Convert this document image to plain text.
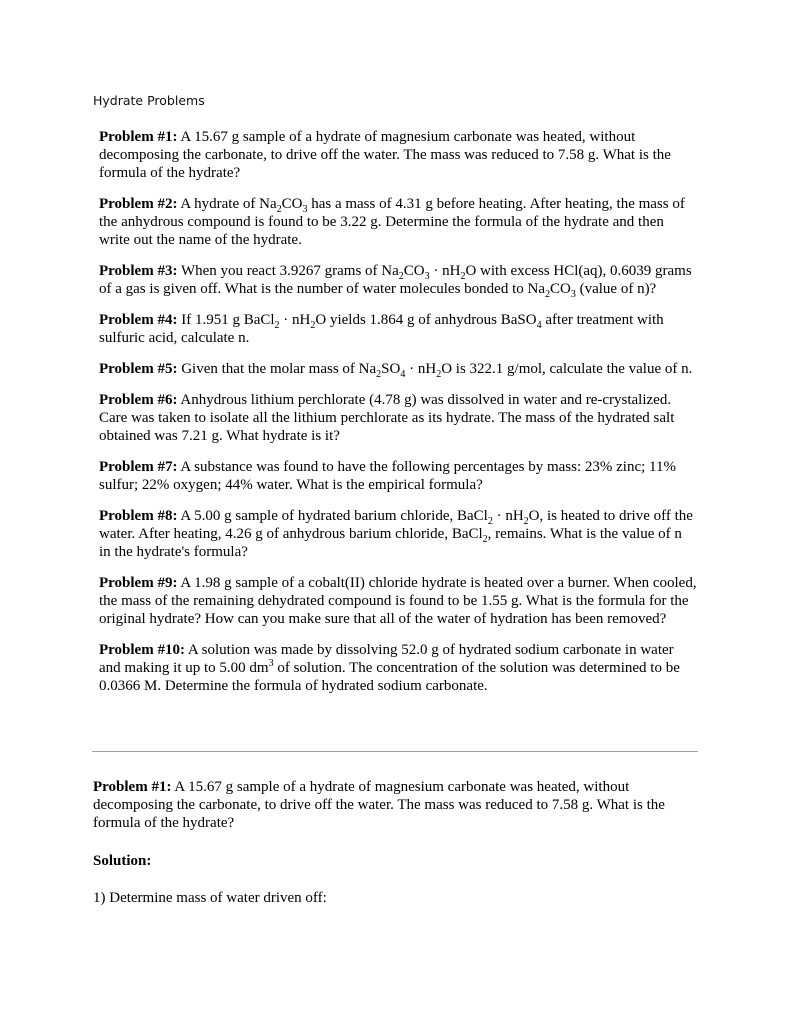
Hydrate Problems

Problem #1: A 15.67 g sample of a hydrate of magnesium carbonate was heated, without decomposing the carbonate, to drive off the water. The mass was reduced to 7.58 g. What is the formula of the hydrate?

Problem #2: A hydrate of $Na_2CO_3$ has a mass of 4.31 g before heating. After heating, the mass of the anhydrous compound is found to be 3.22 g. Determine the formula of the hydrate and then write out the name of the hydrate.

Problem #3: When you react 3.9267 grams of $Na_2CO_3 \cdot nH_2O$ with excess HCl(aq), 0.6039 grams of a gas is given off. What is the number of water molecules bonded to $Na_2CO_3$ (value of n)?

Problem #4: If 1.951 g BaCl$_2$ · $nH_2O$ yields 1.864 g of anhydrous BaSO$_4$ after treatment with sulfuric acid, calculate n.

Problem #5: Given that the molar mass of $Na_2SO_4 \cdot nH_2O$ is 322.1 g/mol, calculate the value of n.

Problem #6: Anhydrous lithium perchlorate (4.78 g) was dissolved in water and re-crystalized. Care was taken to isolate all the lithium perchlorate as its hydrate. The mass of the hydrated salt obtained was 7.21 g. What hydrate is it?

Problem #7: A substance was found to have the following percentages by mass: 23% zinc; 11% sulfur; 22% oxygen; 44% water. What is the empirical formula?

Problem #8: A 5.00 g sample of hydrated barium chloride, BaCl$_2$ · $nH_2O$, is heated to drive off the water. After heating, 4.26 g of anhydrous barium chloride, BaCl$_2$, remains. What is the value of n in the hydrate's formula?

Problem #9: A 1.98 g sample of a cobalt(II) chloride hydrate is heated over a burner. When cooled, the mass of the remaining dehydrated compound is found to be 1.55 g. What is the formula for the original hydrate? How can you make sure that all of the water of hydration has been removed?

Problem #10: A solution was made by dissolving 52.0 g of hydrated sodium carbonate in water and making it up to 5.00 $dm^3$ of solution. The concentration of the solution was determined to be 0.0366 M. Determine the formula of hydrated sodium carbonate.

Problem #1: A 15.67 g sample of a hydrate of magnesium carbonate was heated, without decomposing the carbonate, to drive off the water. The mass was reduced to 7.58 g. What is the formula of the hydrate?

Solution:
1) Determine mass of water driven off:
